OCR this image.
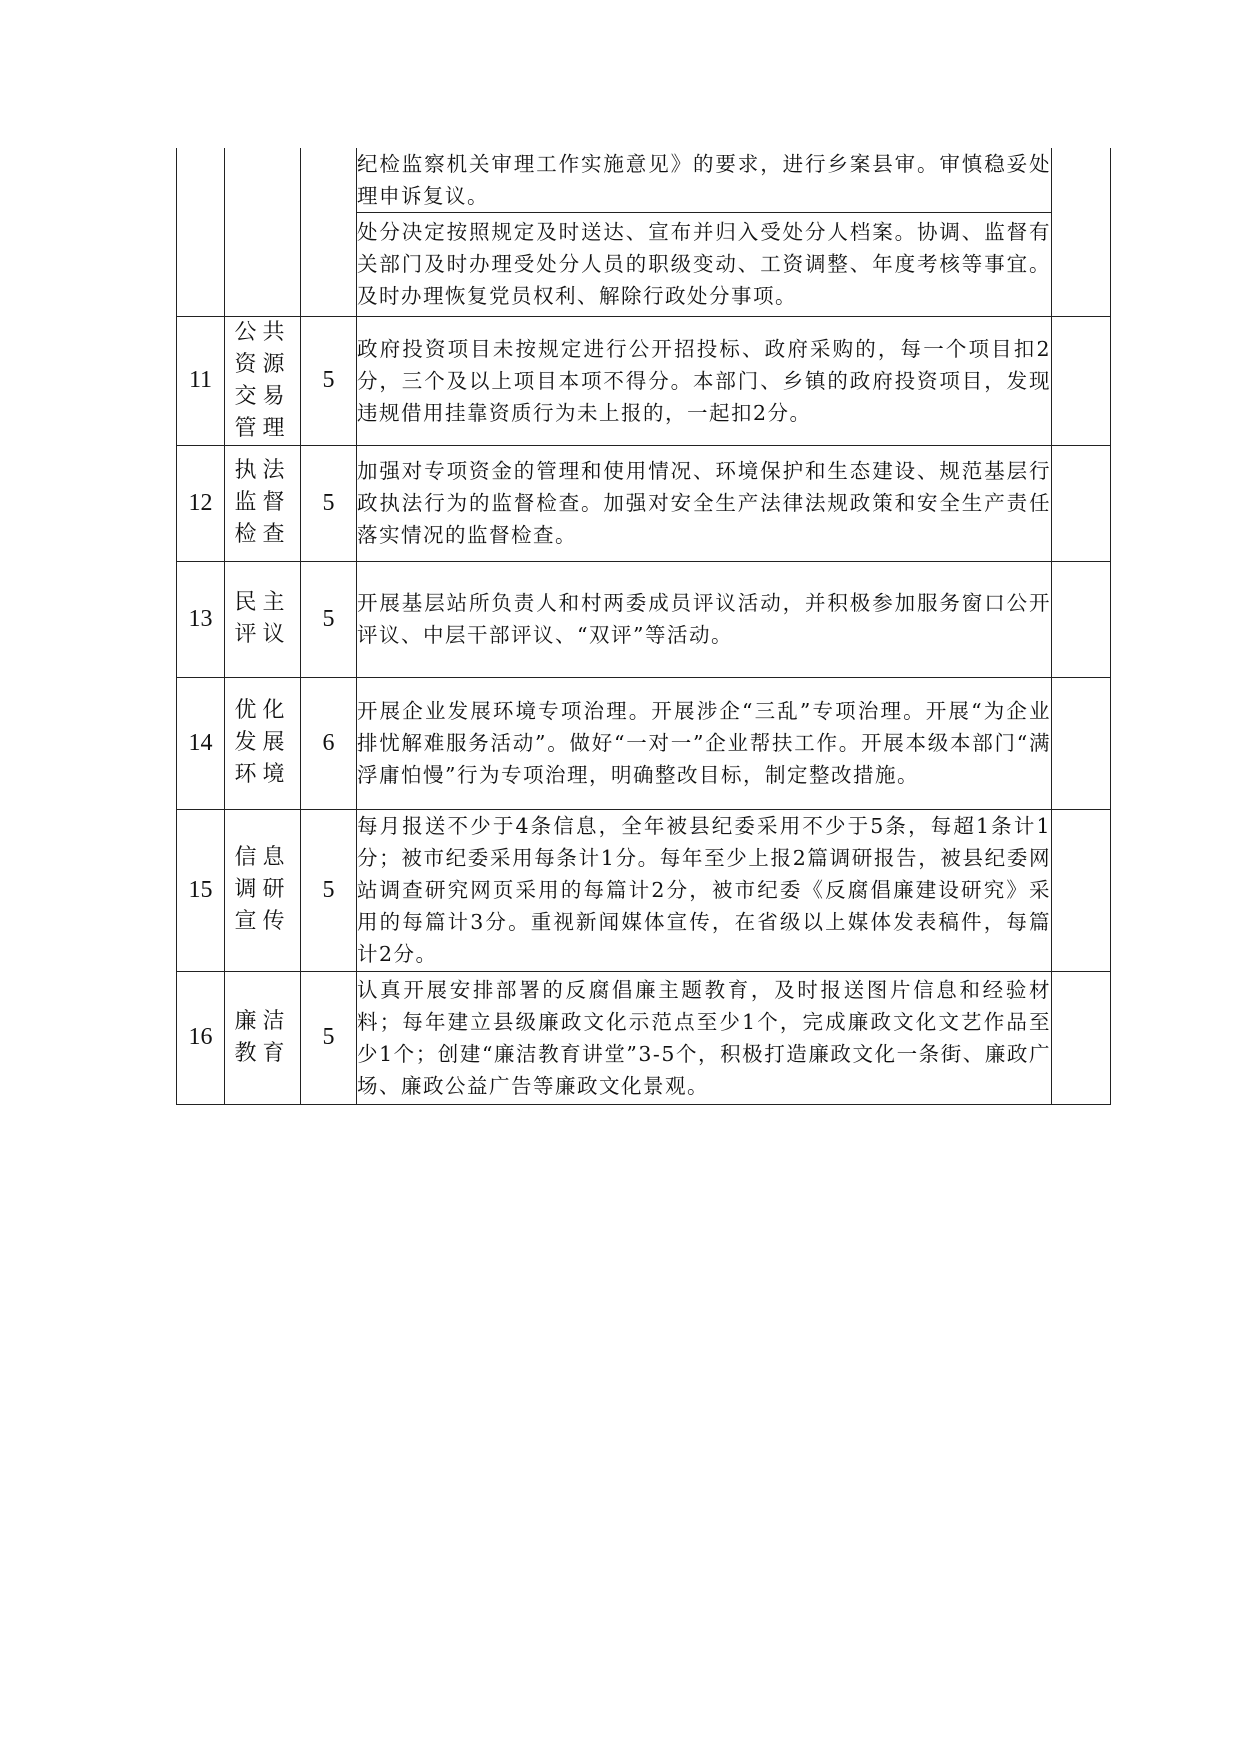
纪检监察机关审理工作实施意见》的要求，进行乡案县审。审慎稳妥处理申诉复议。
处分决定按照规定及时送达、宣布并归入受处分人档案。协调、监督有关部门及时办理受处分人员的职级变动、工资调整、年度考核等事宜。及时办理恢复党员权利、解除行政处分事项。

11	公共资源交易管理	5	政府投资项目未按规定进行公开招投标、政府采购的，每一个项目扣2分，三个及以上项目本项不得分。本部门、乡镇的政府投资项目，发现违规借用挂靠资质行为未上报的，一起扣2分。	
12	执法监督检查	5	加强对专项资金的管理和使用情况、环境保护和生态建设、规范基层行政执法行为的监督检查。加强对安全生产法律法规政策和安全生产责任落实情况的监督检查。	
13	民主评议	5	开展基层站所负责人和村两委成员评议活动，并积极参加服务窗口公开评议、中层干部评议、“双评”等活动。	
14	优化发展环境	6	开展企业发展环境专项治理。开展涉企“三乱”专项治理。开展“为企业排忧解难服务活动”。做好“一对一”企业帮扶工作。开展本级本部门“满浮庸怕慢”行为专项治理，明确整改目标，制定整改措施。	
15	信息调研宣传	5	每月报送不少于4条信息，全年被县纪委采用不少于5条，每超1条计1分；被市纪委采用每条计1分。每年至少上报2篇调研报告，被县纪委网站调查研究网页采用的每篇计2分，被市纪委《反腐倡廉建设研究》采用的每篇计3分。重视新闻媒体宣传，在省级以上媒体发表稿件，每篇计2分。	
16	廉洁教育	5	认真开展安排部署的反腐倡廉主题教育，及时报送图片信息和经验材料；每年建立县级廉政文化示范点至少1个，完成廉政文化文艺作品至少1个；创建“廉洁教育讲堂”3-5个，积极打造廉政文化一条街、廉政广场、廉政公益广告等廉政文化景观。	
